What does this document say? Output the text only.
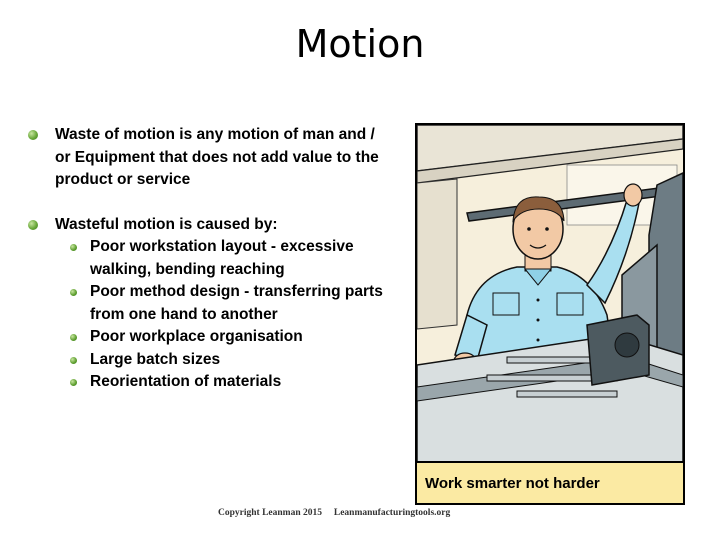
Motion
Waste of motion is any motion of man and / or Equipment that does not add value to the product or service
Wasteful motion is caused by:
Poor workstation layout - excessive walking, bending reaching
Poor method design - transferring parts from one hand to another
Poor workplace organisation
Large batch sizes
Reorientation of materials
Work smarter not harder
Copyright Leanman 2015 Leanmanufacturingtools.org
